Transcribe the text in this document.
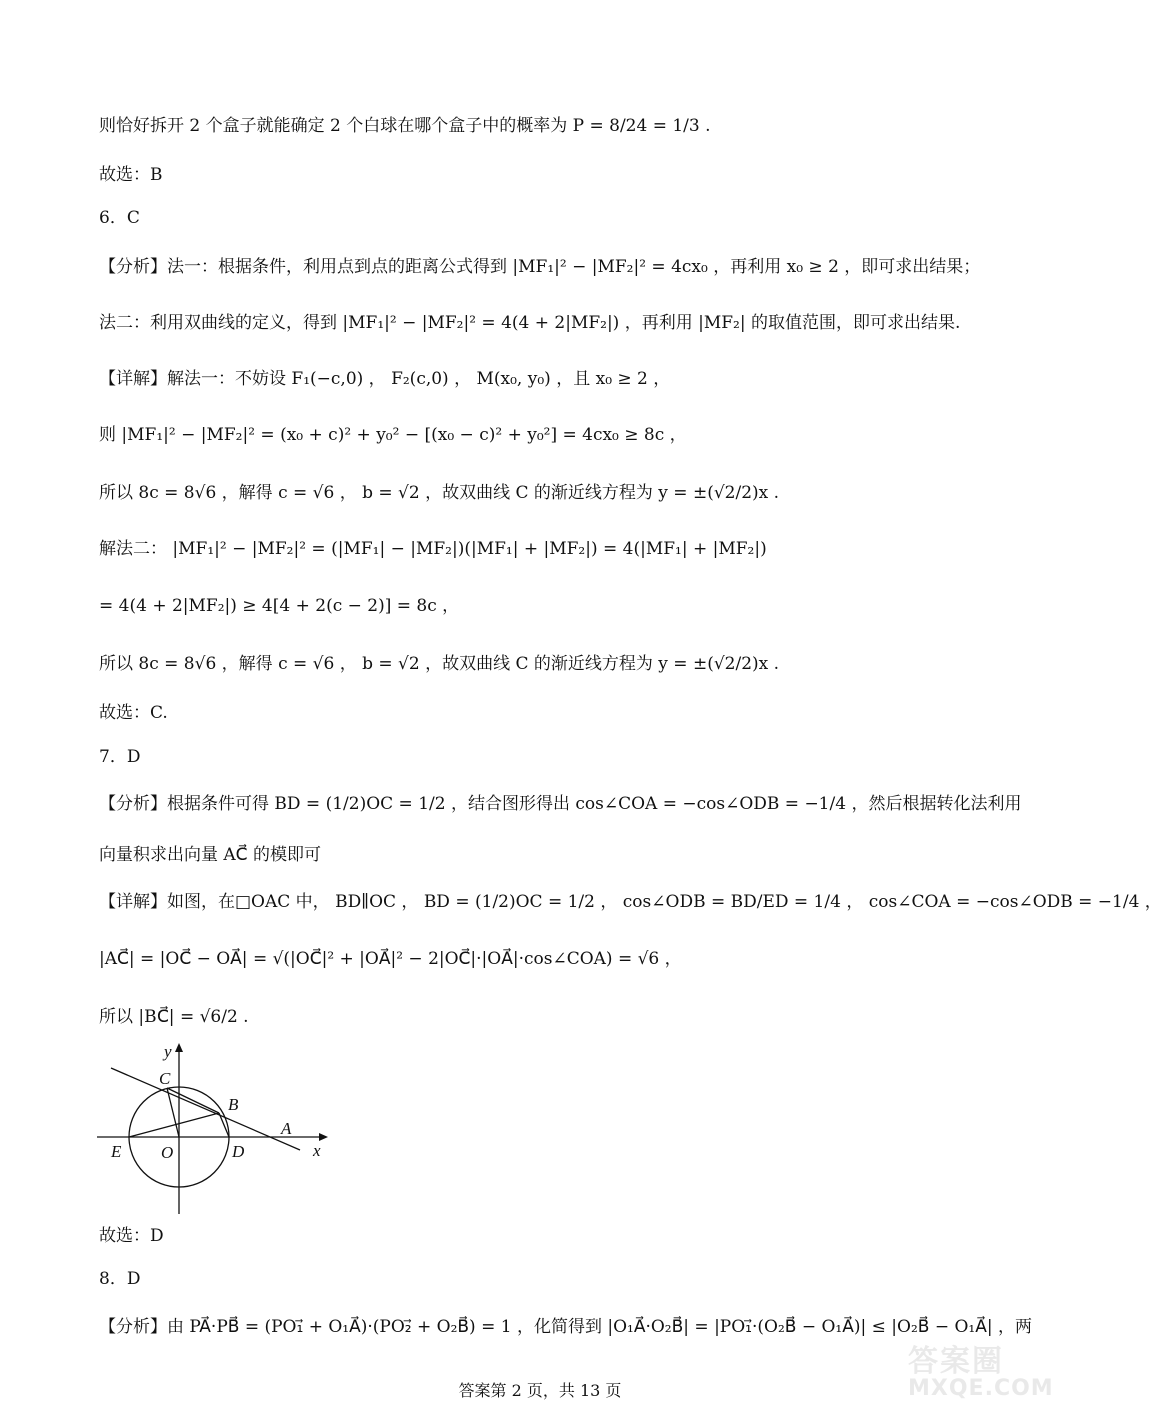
则恰好拆开 2 个盒子就能确定 2 个白球在哪个盒子中的概率为 P = 8/24 = 1/3 .
故选：B
6．C
【分析】法一：根据条件，利用点到点的距离公式得到 |MF₁|² − |MF₂|² = 4cx₀ ，再利用 x₀ ≥ 2 ，即可求出结果；
法二：利用双曲线的定义，得到 |MF₁|² − |MF₂|² = 4(4 + 2|MF₂|) ，再利用 |MF₂| 的取值范围，即可求出结果.
【详解】解法一：不妨设 F₁(−c,0) ， F₂(c,0) ， M(x₀, y₀) ，且 x₀ ≥ 2 ，
则 |MF₁|² − |MF₂|² = (x₀ + c)² + y₀² − [(x₀ − c)² + y₀²] = 4cx₀ ≥ 8c ，
所以 8c = 8√6 ，解得 c = √6 ， b = √2 ，故双曲线 C 的渐近线方程为 y = ±(√2/2)x .
解法二： |MF₁|² − |MF₂|² = (|MF₁| − |MF₂|)(|MF₁| + |MF₂|) = 4(|MF₁| + |MF₂|)
= 4(4 + 2|MF₂|) ≥ 4[4 + 2(c − 2)] = 8c ，
所以 8c = 8√6 ，解得 c = √6 ， b = √2 ，故双曲线 C 的渐近线方程为 y = ±(√2/2)x .
故选：C.
7．D
【分析】根据条件可得 BD = (1/2)OC = 1/2 ，结合图形得出 cos∠COA = −cos∠ODB = −1/4 ，然后根据转化法利用
向量积求出向量 AC⃗ 的模即可
【详解】如图，在□OAC 中， BD∥OC ， BD = (1/2)OC = 1/2 ， cos∠ODB = BD/ED = 1/4 ， cos∠COA = −cos∠ODB = −1/4 ，
|AC⃗| = |OC⃗ − OA⃗| = √(|OC⃗|² + |OA⃗|² − 2|OC⃗|·|OA⃗|·cos∠COA) = √6 ，
所以 |BC⃗| = √6/2 .
y
x
C
B
A
E O	D
故选：D
8．D
【分析】由 PA⃗·PB⃗ = (PO₁⃗ + O₁A⃗)·(PO₂⃗ + O₂B⃗) = 1 ，化简得到 |O₁A⃗·O₂B⃗| = |PO₁⃗·(O₂B⃗ − O₁A⃗)| ≤ |O₂B⃗ − O₁A⃗| ，两
答案第 2 页，共 13 页
答案圈
MXQE.COM
